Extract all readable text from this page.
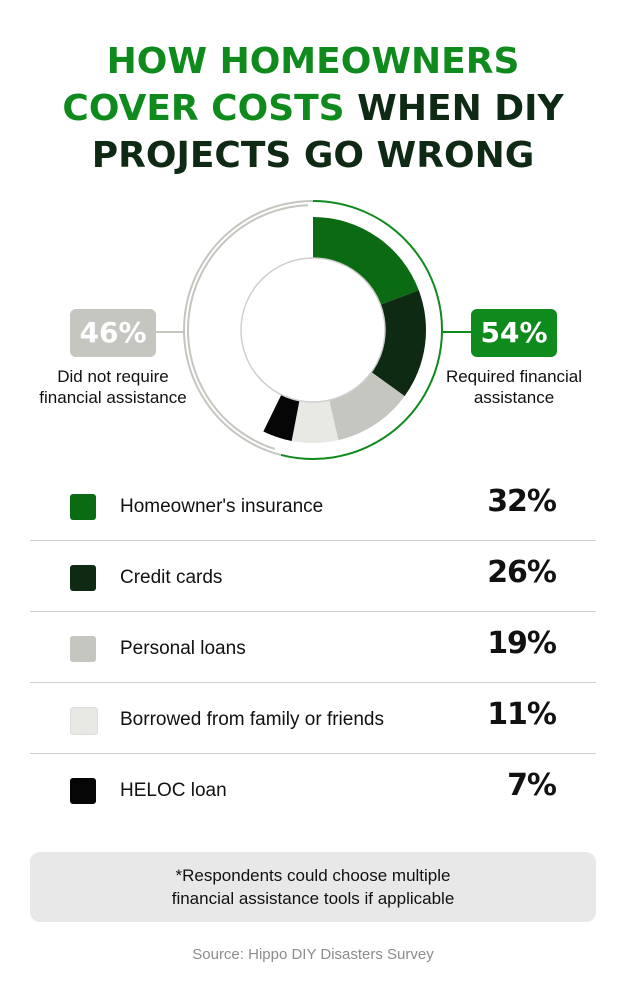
HOW HOMEOWNERS
COVER COSTS WHEN DIY
PROJECTS GO WRONG
46%
Did not require
financial assistance
54%
Required financial
assistance
Homeowner's insurance	32%
Credit cards	26%
Personal loans	19%
Borrowed from family or friends	11%
HELOC loan	7%
*Respondents could choose multiple
financial assistance tools if applicable
Source: Hippo DIY Disasters Survey
